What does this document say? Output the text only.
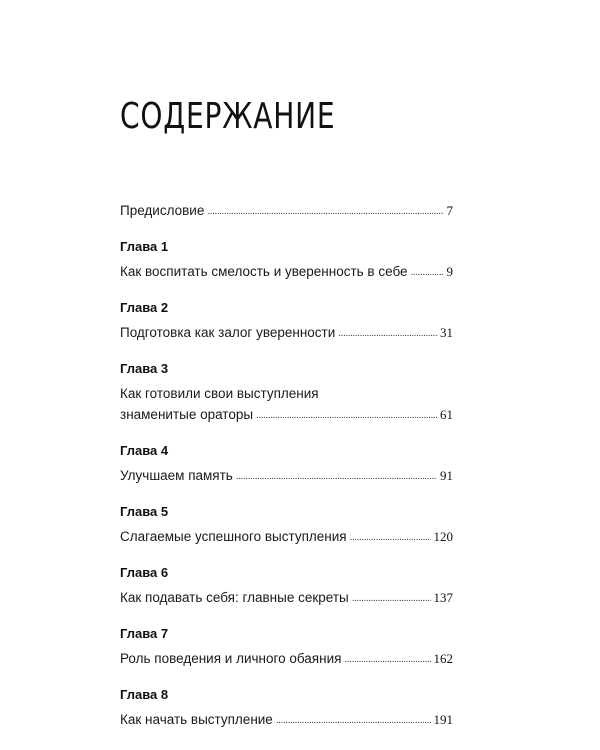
СОДЕРЖАНИЕ
Предисловие . . .	7
Глава 1
Как воспитать смелость и уверенность в себе . . .	9
Глава 2
Подготовка как залог уверенности . . .	31
Глава 3
Как готовили свои выступления
знаменитые ораторы . . .	61
Глава 4
Улучшаем память . . .	91
Глава 5
Слагаемые успешного выступления . . .	120
Глава 6
Как подавать себя: главные секреты . . .	137
Глава 7
Роль поведения и личного обаяния . . .	162
Глава 8
Как начать выступление . . .	191
